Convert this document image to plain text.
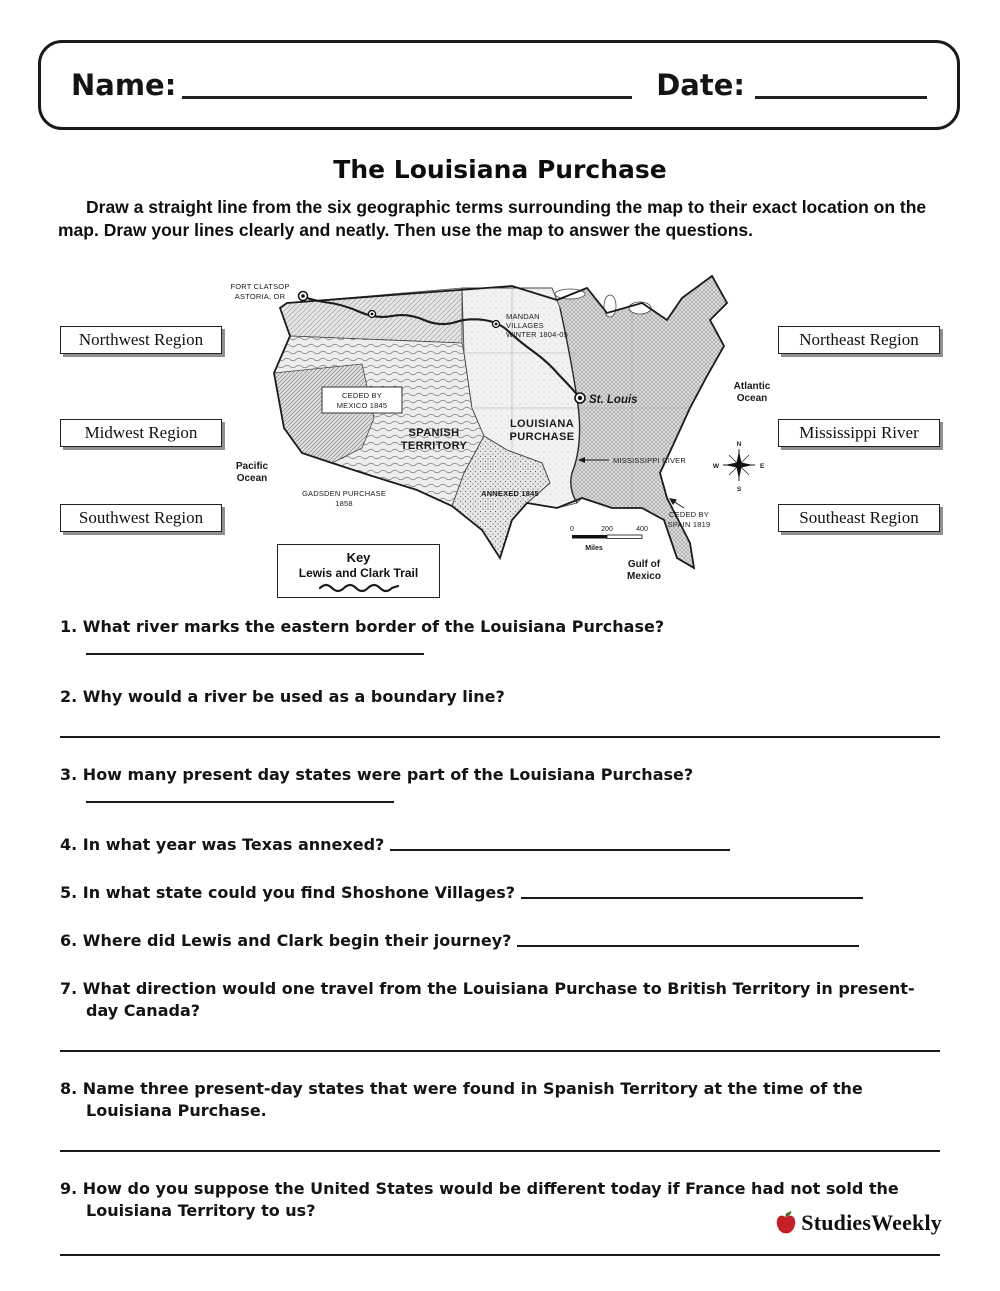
Name:	Date:
The Louisiana Purchase
Draw a straight line from the six geographic terms surrounding the map to their exact location on the map. Draw your lines clearly and neatly. Then use the map to answer the questions.
Northwest Region
Midwest Region
Southwest Region
Northeast Region
Mississippi River
Southeast Region
FORT CLATSOP
ASTORIA, OR
MANDAN
VILLAGES
WINTER 1804-05
St. Louis
Atlantic
Ocean
Pacific
Ocean
CEDED BY
MEXICO 1845
SPANISH
TERRITORY
LOUISIANA
PURCHASE
MISSISSIPPI RIVER
GADSDEN PURCHASE
1858
ANNEXED 1845
CEDED BY
SPAIN 1819
Gulf of
Mexico
N
S
E
W
0	200	400
Miles
Key
Lewis and Clark Trail
1. What river marks the eastern border of the Louisiana Purchase?
2. Why would a river be used as a boundary line?
3. How many present day states were part of the Louisiana Purchase?
4. In what year was Texas annexed?
5. In what state could you find Shoshone Villages?
6. Where did Lewis and Clark begin their journey?
7. What direction would one travel from the Louisiana Purchase to British Territory in present-day Canada?
8. Name three present-day states that were found in Spanish Territory at the time of the Louisiana Purchase.
9. How do you suppose the United States would be different today if France had not sold the Louisiana Territory to us?	StudiesWeekly
